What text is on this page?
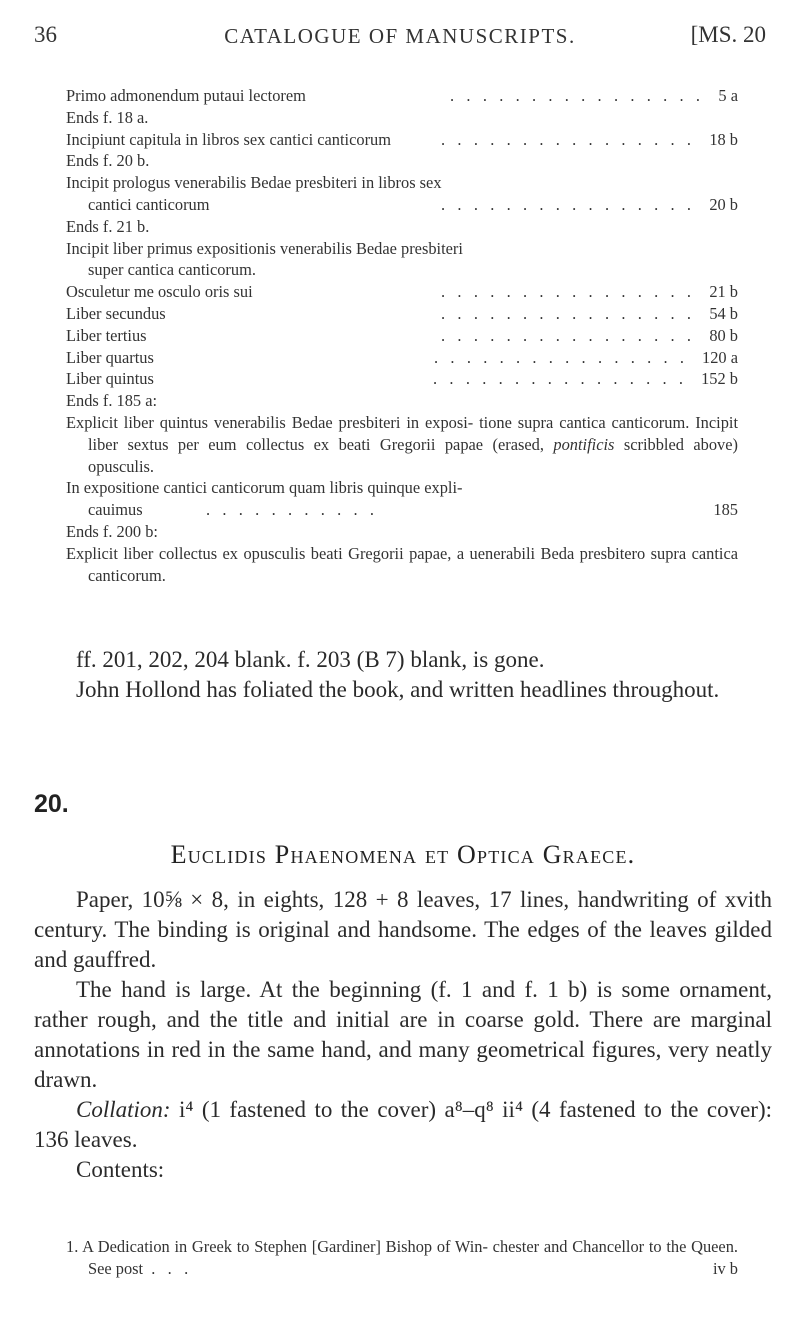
36	CATALOGUE OF MANUSCRIPTS.	[MS. 20
Primo admonendum putaui lectorem	.   .   .   .   .   .   .   .   .   .   .   .   .   .   .   . 5 a
Ends f. 18 a.
Incipiunt capitula in libros sex cantici canticorum	.   .   .   .   .   .   .   .   .   .   .   .   .   .   .   . 18 b
Ends f. 20 b.
Incipit prologus venerabilis Bedae presbiteri in libros sex
cantici canticorum	.   .   .   .   .   .   .   .   .   .   .   .   .   .   .   . 20 b
Ends f. 21 b.
Incipit liber primus expositionis venerabilis Bedae presbiteri
super cantica canticorum.
Osculetur me osculo oris sui	.   .   .   .   .   .   .   .   .   .   .   .   .   .   .   . 21 b
Liber secundus	.   .   .   .   .   .   .   .   .   .   .   .   .   .   .   . 54 b
Liber tertius	.   .   .   .   .   .   .   .   .   .   .   .   .   .   .   . 80 b
Liber quartus	.   .   .   .   .   .   .   .   .   .   .   .   .   .   .   . 120 a
Liber quintus	.   .   .   .   .   .   .   .   .   .   .   .   .   .   .   . 152 b
Ends f. 185 a:

Explicit liber quintus venerabilis Bedae presbiteri in exposi- tione supra cantica canticorum. Incipit liber sextus per eum collectus ex beati Gregorii papae (erased, pontificis scribbled above) opusculis.

In expositione cantici canticorum quam libris quinque expli-

cauimus	.   .   .   .   .   .   .   .   .   .   .	185

Ends f. 200 b:

Explicit liber collectus ex opusculis beati Gregorii papae, a uenerabili Beda presbitero supra cantica canticorum.

ff. 201, 202, 204 blank. f. 203 (B 7) blank, is gone.

John Hollond has foliated the book, and written headlines throughout.

20.
Euclidis Phaenomena et Optica Graece.

Paper, 10⅝ × 8, in eights, 128 + 8 leaves, 17 lines, handwriting of xvith century. The binding is original and handsome. The edges of the leaves gilded and gauffred.

The hand is large. At the beginning (f. 1 and f. 1 b) is some ornament, rather rough, and the title and initial are in coarse gold. There are marginal annotations in red in the same hand, and many geometrical figures, very neatly drawn.

Collation: i⁴ (1 fastened to the cover) a⁸–q⁸ ii⁴ (4 fastened to the cover): 136 leaves.

Contents:

1. A Dedication in Greek to Stephen [Gardiner] Bishop of Win- chester and Chancellor to the Queen. See post  .   .   .	iv b
